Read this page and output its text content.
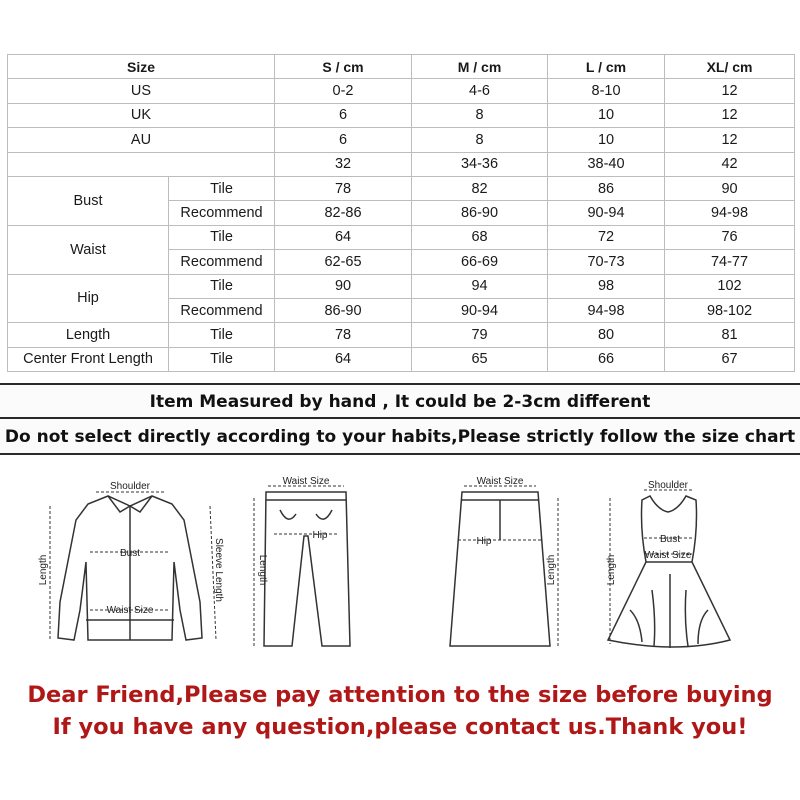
Size		S / cm	M / cm	L / cm	XL/ cm
US		0-2	4-6	8-10	12
UK		6	8	10	12
AU		6	8	10	12
		32	34-36	38-40	42
Bust	Tile	78	82	86	90
	Recommend	82-86	86-90	90-94	94-98
Waist	Tile	64	68	72	76
	Recommend	62-65	66-69	70-73	74-77
Hip	Tile	90	94	98	102
	Recommend	86-90	90-94	94-98	98-102
Length	Tile	78	79	80	81
Center Front Length	Tile	64	65	66	67
Item Measured by hand , It could be 2-3cm different
Do not select directly according to your habits,Please strictly follow the size chart
Shoulder
Bust
Waist Size
Sleeve Length
Length
Waist Size
Hip
Length
Waist Size
Hip
Length
Shoulder
Bust
Waist Size
Length
Dear Friend,Please pay attention to the size before buying
If you have any question,please contact us.Thank you!
